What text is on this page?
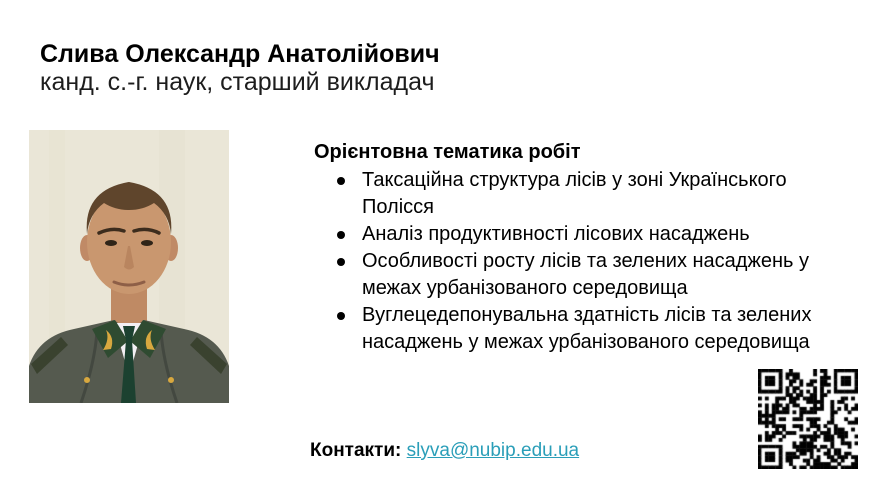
Слива Олександр Анатолійович
канд. с.-г. наук, старший викладач
Орієнтовна тематика робіт
Таксаційна структура лісів у зоні Українського Полісся
Аналіз продуктивності лісових насаджень
Особливості росту лісів та зелених насаджень у межах урбанізованого середовища
Вуглецедепонувальна здатність лісів та зелених насаджень у межах урбанізованого середовища
Контакти: slyva@nubip.edu.ua
